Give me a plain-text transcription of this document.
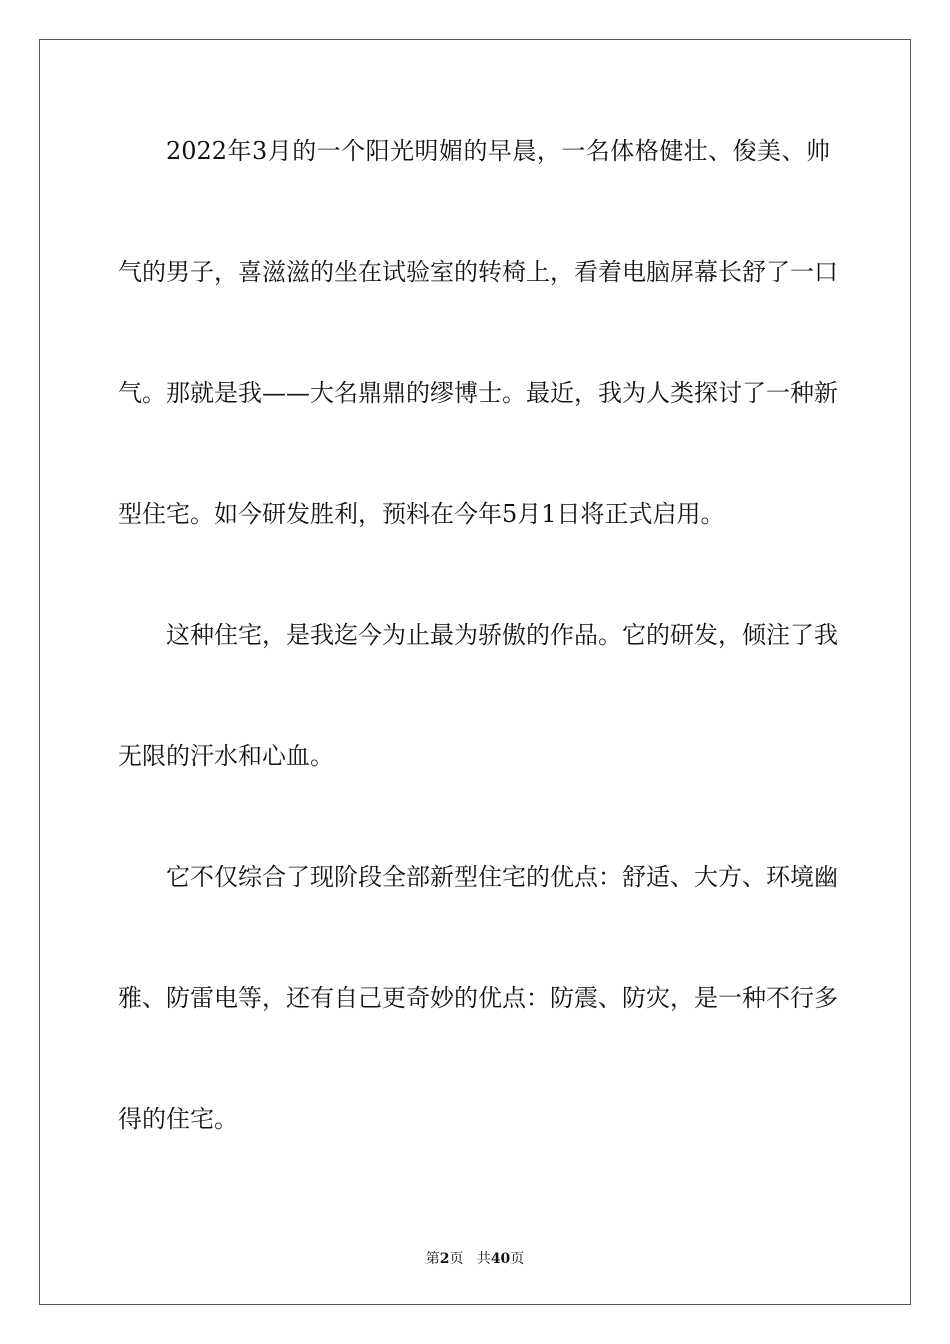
2022年3月的一个阳光明媚的早晨，一名体格健壮、俊美、帅
气的男子，喜滋滋的坐在试验室的转椅上，看着电脑屏幕长舒了一口
气。那就是我——大名鼎鼎的缪博士。最近，我为人类探讨了一种新
型住宅。如今研发胜利，预料在今年5月1日将正式启用。
这种住宅，是我迄今为止最为骄傲的作品。它的研发，倾注了我
无限的汗水和心血。
它不仅综合了现阶段全部新型住宅的优点：舒适、大方、环境幽
雅、防雷电等，还有自己更奇妙的优点：防震、防灾，是一种不行多
得的住宅。
第2页 共40页
